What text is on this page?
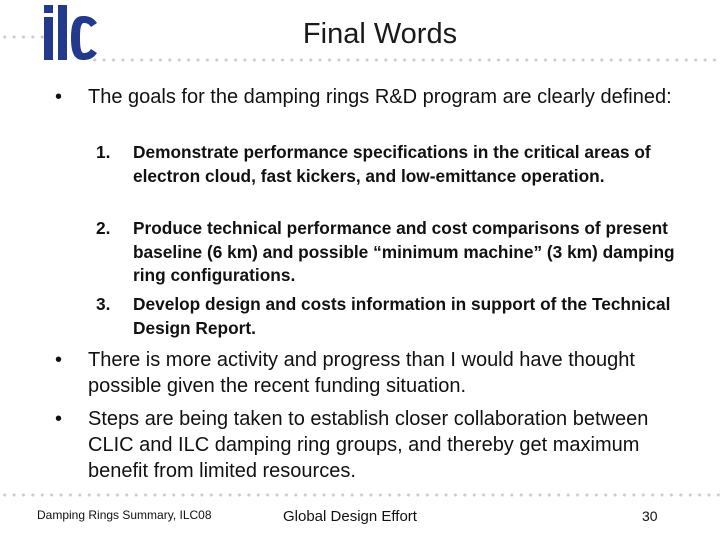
Final Words
•	The goals for the damping rings R&D program are clearly defined:
1.	Demonstrate performance specifications in the critical areas of electron cloud, fast kickers, and low-emittance operation.
2.	Produce technical performance and cost comparisons of present baseline (6 km) and possible “minimum machine” (3 km) damping ring configurations.
3.	Develop design and costs information in support of the Technical Design Report.
•	There is more activity and progress than I would have thought possible given the recent funding situation.
•	Steps are being taken to establish closer collaboration between CLIC and ILC damping ring groups, and thereby get maximum benefit from limited resources.
Damping Rings Summary, ILC08	Global Design Effort	30
